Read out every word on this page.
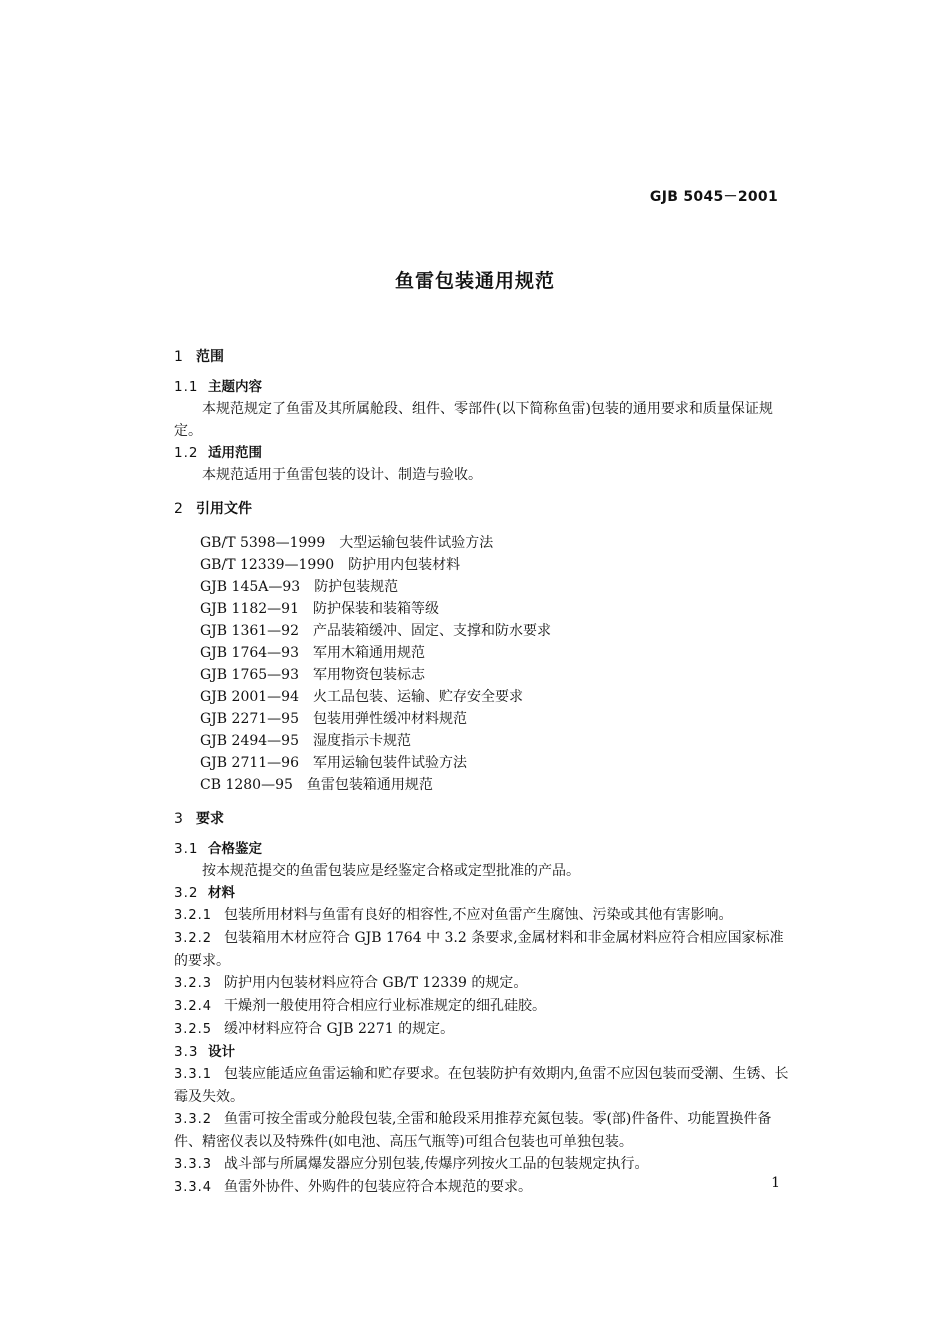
GJB 5045－2001
鱼雷包装通用规范
1 范围
1.1 主题内容

本规范规定了鱼雷及其所属舱段、组件、零部件(以下简称鱼雷)包装的通用要求和质量保证规定。

1.2 适用范围

本规范适用于鱼雷包装的设计、制造与验收。

2 引用文件

GB/T 5398—1999 大型运输包装件试验方法

GB/T 12339—1990 防护用内包装材料

GJB 145A—93 防护包装规范

GJB 1182—91 防护保装和装箱等级

GJB 1361—92 产品装箱缓冲、固定、支撑和防水要求

GJB 1764—93 军用木箱通用规范

GJB 1765—93 军用物资包装标志

GJB 2001—94 火工品包装、运输、贮存安全要求

GJB 2271—95 包装用弹性缓冲材料规范

GJB 2494—95 湿度指示卡规范

GJB 2711—96 军用运输包装件试验方法

CB 1280—95 鱼雷包装箱通用规范

3 要求
3.1 合格鉴定

按本规范提交的鱼雷包装应是经鉴定合格或定型批准的产品。

3.2 材料

3.2.1 包装所用材料与鱼雷有良好的相容性,不应对鱼雷产生腐蚀、污染或其他有害影响。

3.2.2 包装箱用木材应符合 GJB 1764 中 3.2 条要求,金属材料和非金属材料应符合相应国家标准的要求。

3.2.3 防护用内包装材料应符合 GB/T 12339 的规定。

3.2.4 干燥剂一般使用符合相应行业标准规定的细孔硅胶。

3.2.5 缓冲材料应符合 GJB 2271 的规定。

3.3 设计

3.3.1 包装应能适应鱼雷运输和贮存要求。在包装防护有效期内,鱼雷不应因包装而受潮、生锈、长霉及失效。

3.3.2 鱼雷可按全雷或分舱段包装,全雷和舱段采用推荐充氮包装。零(部)件备件、功能置换件备件、精密仪表以及特殊件(如电池、高压气瓶等)可组合包装也可单独包装。

3.3.3 战斗部与所属爆发器应分别包装,传爆序列按火工品的包装规定执行。

3.3.4 鱼雷外协件、外购件的包装应符合本规范的要求。	1
